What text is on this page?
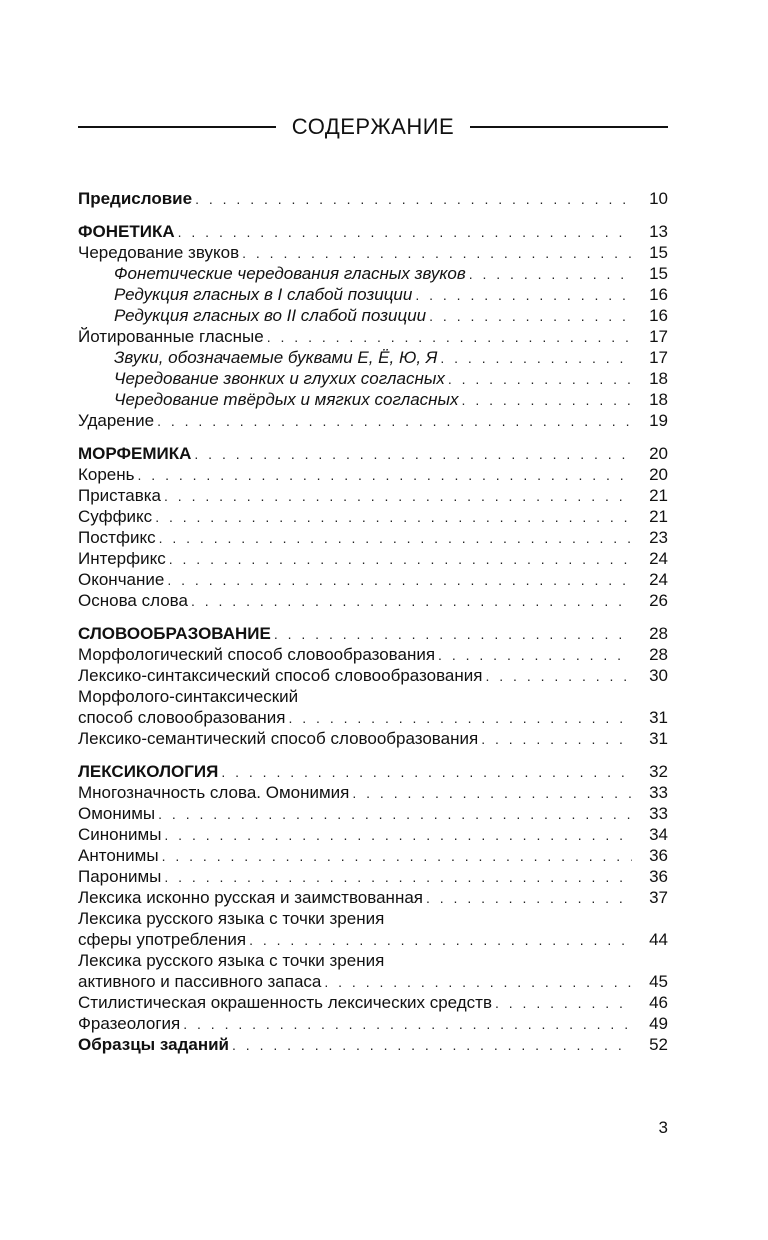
СОДЕРЖАНИЕ
Предисловие . . .	10
ФОНЕТИКА . . .	13
Чередование звуков . . .	15
Фонетические чередования гласных звуков . . .	15
Редукция гласных в I слабой позиции . . .	16
Редукция гласных во II слабой позиции . . .	16
Йотированные гласные . . .	17
Звуки, обозначаемые буквами Е, Ё, Ю, Я . . .	17
Чередование звонких и глухих согласных . . .	18
Чередование твёрдых и мягких согласных . . .	18
Ударение . . .	19
МОРФЕМИКА . . .	20
Корень . . .	20
Приставка . . .	21
Суффикс . . .	21
Постфикс . . .	23
Интерфикс . . .	24
Окончание . . .	24
Основа слова . . .	26
СЛОВООБРАЗОВАНИЕ . . .	28
Морфологический способ словообразования . . .	28
Лексико-синтаксический способ словообразования . . .	30
Морфолого-синтаксический
способ словообразования . . .	31
Лексико-семантический способ словообразования . . .	31
ЛЕКСИКОЛОГИЯ . . .	32
Многозначность слова. Омонимия . . .	33
Омонимы . . .	33
Синонимы . . .	34
Антонимы . . .	36
Паронимы . . .	36
Лексика исконно русская и заимствованная . . .	37
Лексика русского языка с точки зрения
сферы употребления . . .	44
Лексика русского языка с точки зрения
активного и пассивного запаса . . .	45
Стилистическая окрашенность лексических средств . . .	46
Фразеология . . .	49
Образцы заданий . . .	52
3
